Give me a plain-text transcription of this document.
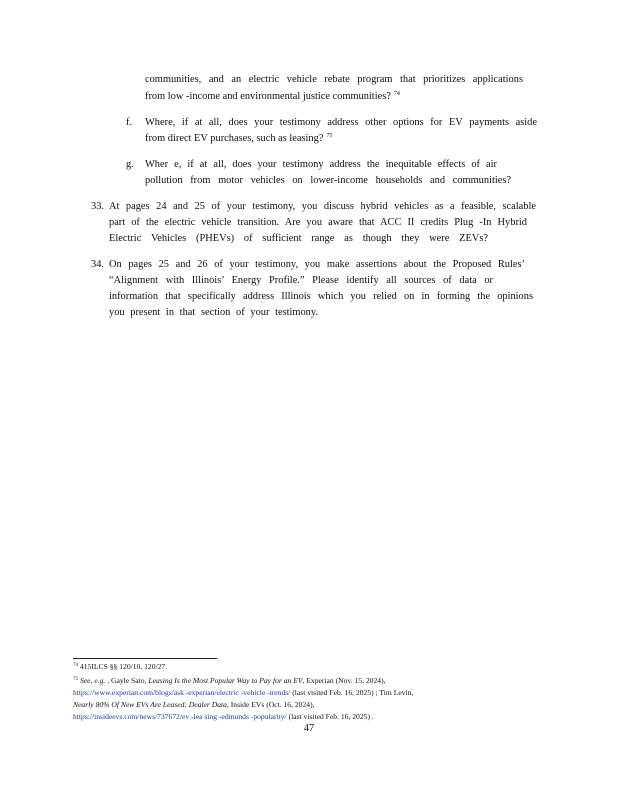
communities, and an electric vehicle rebate program that prioritizes applications
from low -income and environmental justice communities? $^{74}$
f. Where, if at all, does your testimony address other options for EV payments aside
from direct EV purchases, such as leasing? $^{75}$
g. Wher e, if at all, does your testimony address the inequitable effects of air
pollution from motor vehicles on lower-income households and communities?
33. At pages 24 and 25 of your testimony, you discuss hybrid vehicles as a feasible, scalable
part of the electric vehicle transition. Are you aware that ACC II credits Plug -In Hybrid
Electric Vehicles (PHEVs) of sufficient range as though they were ZEVs?
34. On pages 25 and 26 of your testimony, you make assertions about the Proposed Rules’
“Alignment with Illinois’ Energy Profile.” Please identify all sources of data or
information that specifically address Illinois which you relied on in forming the opinions
you present in that section of your testimony.
$^{74}$ 415ILCS §§ 120/10, 120/27.
$^{75}$ See, e.g. , Gayle Sato, Leasing Is the Most Popular Way to Pay for an EV, Experian (Nov. 15, 2024),
https://www.experian.com/blogs/ask -experian/electric -vehicle -trends/ (last visited Feb. 16, 2025) ; Tim Levin,
Nearly 80% Of New EVs Are Leased: Dealer Data, Inside EVs (Oct. 16, 2024),
https://insideevs.com/news/737672/ev -lea sing -edmunds -popularity/ (last visited Feb. 16, 2025) .
47
